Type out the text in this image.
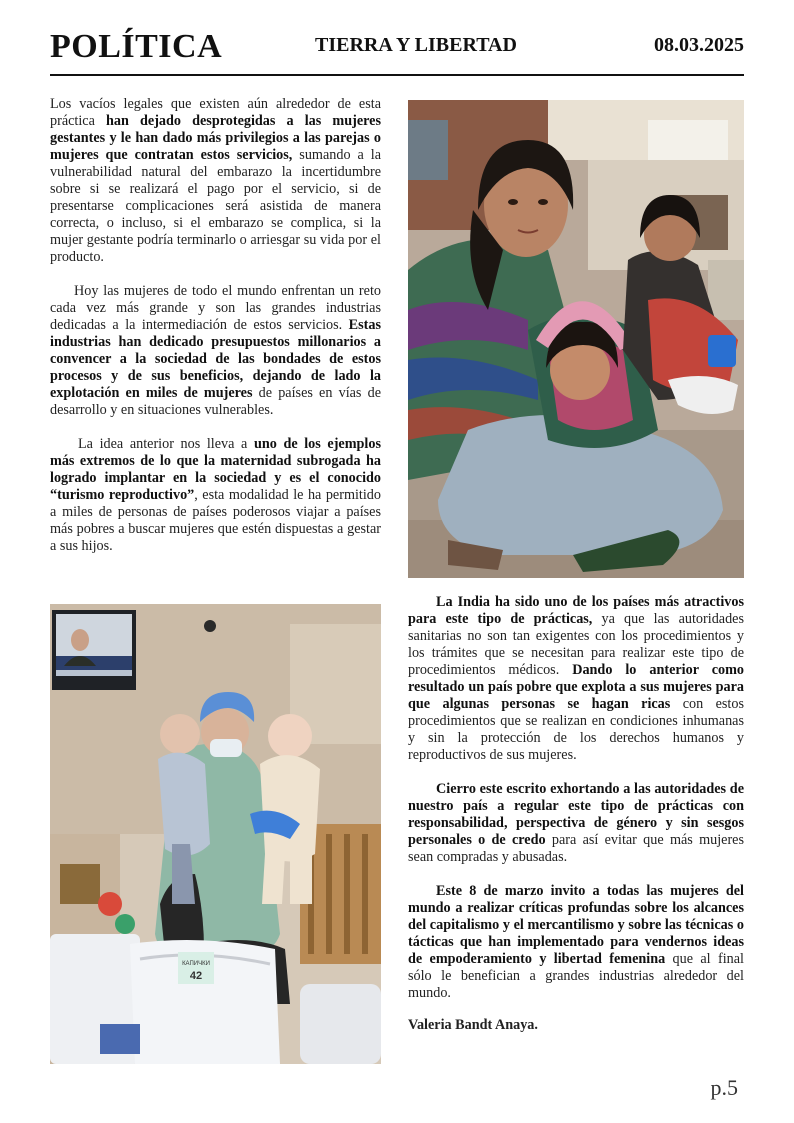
POLÍTICA	TIERRA Y LIBERTAD	08.03.2025

Los vacíos legales que existen aún alrededor de esta práctica han dejado desprotegidas a las mujeres gestantes y le han dado más privilegios a las parejas o mujeres que contratan estos servicios, sumando a la vulnerabilidad natural del embarazo la incertidumbre sobre si se realizará el pago por el servicio, si de presentarse complicaciones será asistida de manera correcta, o incluso, si el embarazo se complica, si la mujer gestante podría terminarlo o arriesgar su vida por el producto.

Hoy las mujeres de todo el mundo enfrentan un reto cada vez más grande y son las grandes industrias dedicadas a la intermediación de estos servicios. Estas industrias han dedicado presupuestos millonarios a convencer a la sociedad de las bondades de estos procesos y de sus beneficios, dejando de lado la explotación en miles de mujeres de países en vías de desarrollo y en situaciones vulnerables.

La idea anterior nos lleva a uno de los ejemplos más extremos de lo que la maternidad subrogada ha logrado implantar en la sociedad y es el conocido “turismo reproductivo”, esta modalidad le ha permitido a miles de personas de países poderosos viajar a países más pobres a buscar mujeres que estén dispuestas a gestar a sus hijos.

КАПИЧКИ
42

La India ha sido uno de los países más atractivos para este tipo de prácticas, ya que las autoridades sanitarias no son tan exigentes con los procedimientos y los trámites que se necesitan para realizar este tipo de procedimientos médicos. Dando lo anterior como resultado un país pobre que explota a sus mujeres para que algunas personas se hagan ricas con estos procedimientos que se realizan en condiciones inhumanas y sin la protección de los derechos humanos y reproductivos de sus mujeres.

Cierro este escrito exhortando a las autoridades de nuestro país a regular este tipo de prácticas con responsabilidad, perspectiva de género y sin sesgos personales o de credo para así evitar que más mujeres sean compradas y abusadas.

Este 8 de marzo invito a todas las mujeres del mundo a realizar críticas profundas sobre los alcances del capitalismo y el mercantilismo y sobre las técnicas o tácticas que han implementado para vendernos ideas de empoderamiento y libertad femenina que al final sólo le benefician a grandes industrias alrededor del mundo.

Valeria Bandt Anaya.

p.5
